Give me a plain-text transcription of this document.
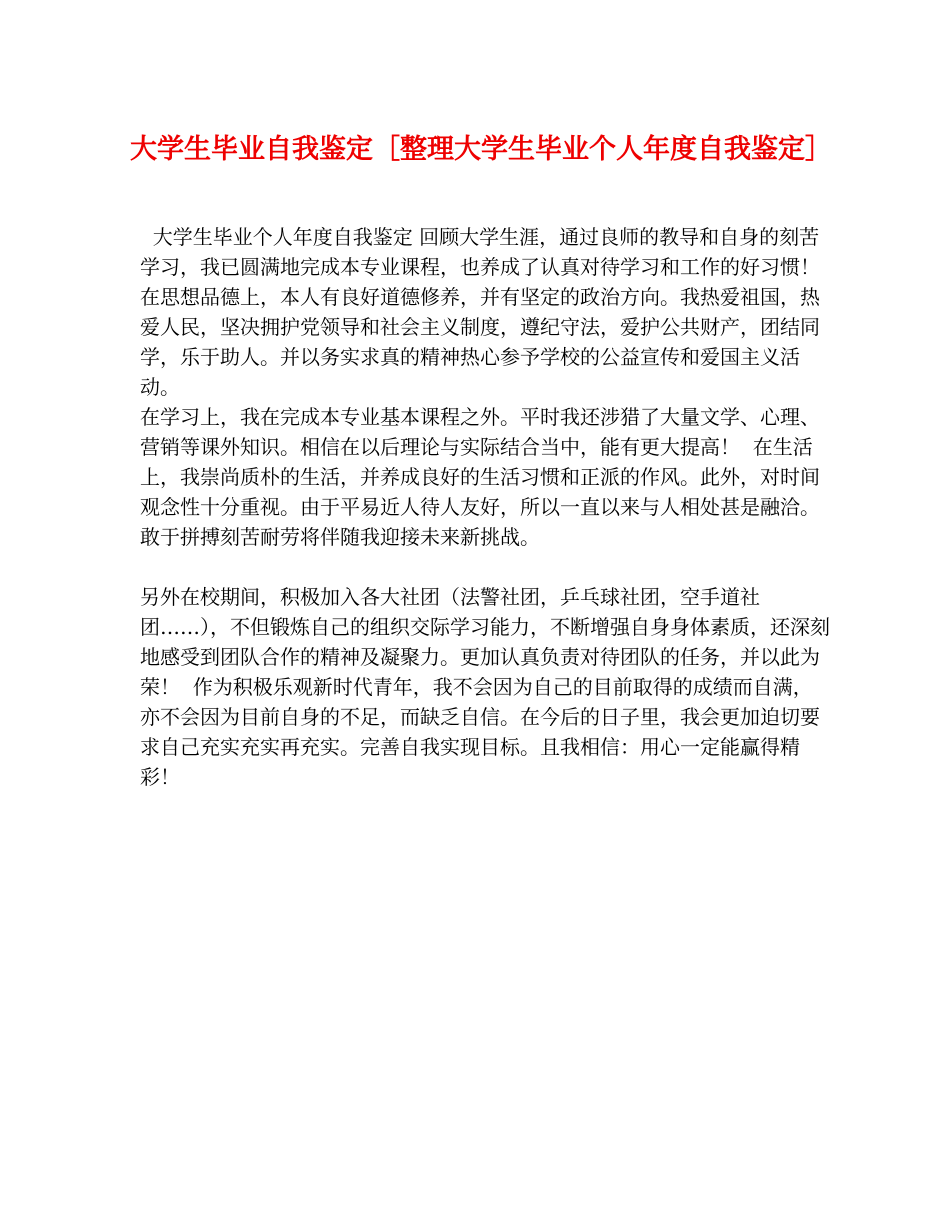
大学生毕业自我鉴定［整理大学生毕业个人年度自我鉴定］

大学生毕业个人年度自我鉴定 回顾大学生涯，通过良师的教导和自身的刻苦学习，我已圆满地完成本专业课程，也养成了认真对待学习和工作的好习惯！  在思想品德上，本人有良好道德修养，并有坚定的政治方向。我热爱祖国，热爱人民，坚决拥护党领导和社会主义制度，遵纪守法，爱护公共财产，团结同学，乐于助人。并以务实求真的精神热心参予学校的公益宣传和爱国主义活动。

在学习上，我在完成本专业基本课程之外。平时我还涉猎了大量文学、心理、营销等课外知识。相信在以后理论与实际结合当中，能有更大提高！  在生活上，我崇尚质朴的生活，并养成良好的生活习惯和正派的作风。此外，对时间观念性十分重视。由于平易近人待人友好，所以一直以来与人相处甚是融洽。敢于拼搏刻苦耐劳将伴随我迎接未来新挑战。

另外在校期间，积极加入各大社团（法警社团，乒乓球社团，空手道社团……），不但锻炼自己的组织交际学习能力，不断增强自身身体素质，还深刻地感受到团队合作的精神及凝聚力。更加认真负责对待团队的任务，并以此为荣！  作为积极乐观新时代青年，我不会因为自己的目前取得的成绩而自满，亦不会因为目前自身的不足，而缺乏自信。在今后的日子里，我会更加迫切要求自己充实充实再充实。完善自我实现目标。且我相信：用心一定能赢得精彩！
